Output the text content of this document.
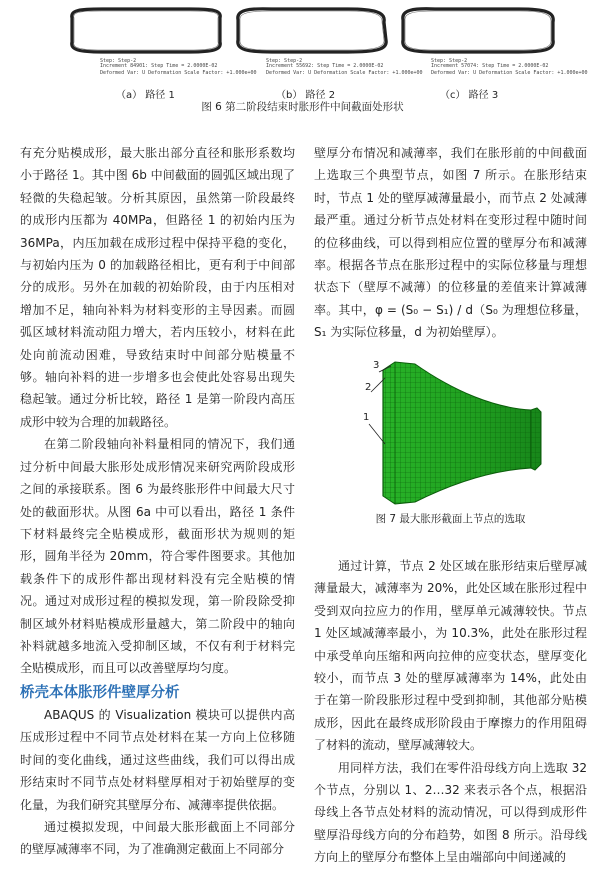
Step: Step-2
Increment 84901: Step Time = 2.0000E-02
Deformed Var: U Deformation Scale Factor: +1.000e+00
（a） 路径 1
Step: Step-2
Increment 55692: Step Time = 2.0000E-02
Deformed Var: U Deformation Scale Factor: +1.000e+00
（b） 路径 2
Step: Step-2
Increment 57074: Step Time = 2.0000E-02
Deformed Var: U Deformation Scale Factor: +1.000e+00
（c） 路径 3
图 6 第二阶段结束时胀形件中间截面处形状

有充分贴模成形，最大胀出部分直径和胀形系数均小于路径 1。其中图 6b 中间截面的圆弧区域出现了轻微的失稳起皱。分析其原因，虽然第一阶段最终的成形内压都为 40MPa，但路径 1 的初始内压为 36MPa，内压加载在成形过程中保持平稳的变化，与初始内压为 0 的加载路径相比，更有利于中间部分的成形。另外在加载的初始阶段，由于内压相对增加不足，轴向补料为材料变形的主导因素。而圆弧区域材料流动阻力增大，若内压较小，材料在此处向前流动困难，导致结束时中间部分贴模量不够。轴向补料的进一步增多也会使此处容易出现失稳起皱。通过分析比较，路径 1 是第一阶段内高压成形中较为合理的加载路径。

在第二阶段轴向补料量相同的情况下，我们通过分析中间最大胀形处成形情况来研究两阶段成形之间的承接联系。图 6 为最终胀形件中间最大尺寸处的截面形状。从图 6a 中可以看出，路径 1 条件下材料最终完全贴模成形，截面形状为规则的矩形，圆角半径为 20mm，符合零件图要求。其他加载条件下的成形件都出现材料没有完全贴模的情况。通过对成形过程的模拟发现，第一阶段除受抑制区域外材料贴模成形量越大，第二阶段中的轴向补料就越多地流入受抑制区域，不仅有利于材料完全贴模成形，而且可以改善壁厚均匀度。

桥壳本体胀形件壁厚分析

ABAQUS 的 Visualization 模块可以提供内高压成形过程中不同节点处材料在某一方向上位移随时间的变化曲线，通过这些曲线，我们可以得出成形结束时不同节点处材料壁厚相对于初始壁厚的变化量，为我们研究其壁厚分布、减薄率提供依据。

通过模拟发现，中间最大胀形截面上不同部分的壁厚减薄率不同，为了准确测定截面上不同部分

壁厚分布情况和减薄率，我们在胀形前的中间截面上选取三个典型节点，如图 7 所示。在胀形结束时，节点 1 处的壁厚减薄量最小，而节点 2 处减薄最严重。通过分析节点处材料在变形过程中随时间的位移曲线，可以得到相应位置的壁厚分布和减薄率。根据各节点在胀形过程中的实际位移量与理想状态下（壁厚不减薄）的位移量的差值来计算减薄率。其中，φ = (S₀ − S₁) / d（S₀ 为理想位移量，S₁ 为实际位移量，d 为初始壁厚）。

1
2
3
图 7 最大胀形截面上节点的选取

通过计算，节点 2 处区域在胀形结束后壁厚减薄量最大，减薄率为 20%，此处区域在胀形过程中受到双向拉应力的作用，壁厚单元减薄较快。节点 1 处区域减薄率最小，为 10.3%，此处在胀形过程中承受单向压缩和两向拉伸的应变状态，壁厚变化较小，而节点 3 处的壁厚减薄率为 14%，此处由于在第一阶段胀形过程中受到抑制，其他部分贴模成形，因此在最终成形阶段由于摩擦力的作用阻碍了材料的流动，壁厚减薄较大。

用同样方法，我们在零件沿母线方向上选取 32 个节点，分别以 1、2…32 来表示各个点，根据沿母线上各节点处材料的流动情况，可以得到成形件壁厚沿母线方向的分布趋势，如图 8 所示。沿母线方向上的壁厚分布整体上呈由端部向中间递减的
